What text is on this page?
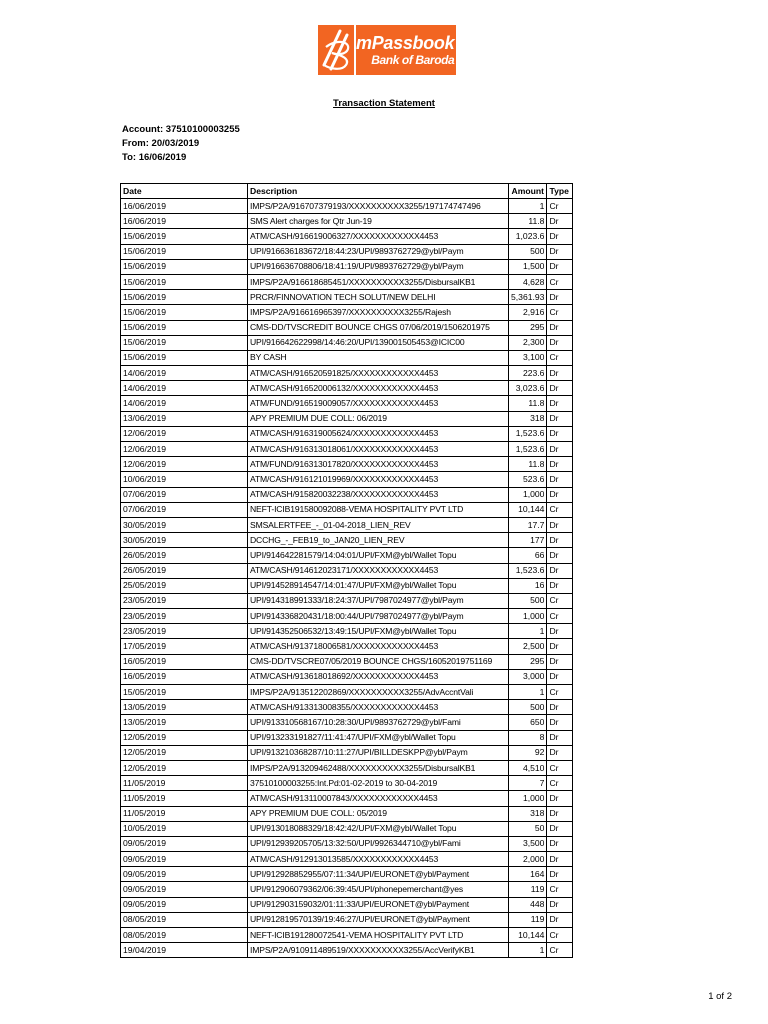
mPassbook
Bank of Baroda
Transaction Statement
Account: 37510100003255
From: 20/03/2019
To: 16/06/2019
Date	Description	Amount	Type
16/06/2019	IMPS/P2A/916707379193/XXXXXXXXXX3255/197174747496	1	Cr
16/06/2019	SMS Alert charges for Qtr Jun-19	11.8	Dr
15/06/2019	ATM/CASH/916619006327/XXXXXXXXXXXX4453	1,023.6	Dr
15/06/2019	UPI/916636183672/18:44:23/UPI/9893762729@ybl/Paym	500	Dr
15/06/2019	UPI/916636708806/18:41:19/UPI/9893762729@ybl/Paym	1,500	Dr
15/06/2019	IMPS/P2A/916618685451/XXXXXXXXXX3255/DisbursalKB1	4,628	Cr
15/06/2019	PRCR/FINNOVATION TECH SOLUT/NEW DELHI	5,361.93	Dr
15/06/2019	IMPS/P2A/916616965397/XXXXXXXXXX3255/Rajesh	2,916	Cr
15/06/2019	CMS-DD/TVSCREDIT BOUNCE CHGS 07/06/2019/1506201975	295	Dr
15/06/2019	UPI/916642622998/14:46:20/UPI/139001505453@ICIC00	2,300	Dr
15/06/2019	BY CASH	3,100	Cr
14/06/2019	ATM/CASH/916520591825/XXXXXXXXXXXX4453	223.6	Dr
14/06/2019	ATM/CASH/916520006132/XXXXXXXXXXXX4453	3,023.6	Dr
14/06/2019	ATM/FUND/916519009057/XXXXXXXXXXXX4453	11.8	Dr
13/06/2019	APY PREMIUM DUE COLL: 06/2019	318	Dr
12/06/2019	ATM/CASH/916319005624/XXXXXXXXXXXX4453	1,523.6	Dr
12/06/2019	ATM/CASH/916313018061/XXXXXXXXXXXX4453	1,523.6	Dr
12/06/2019	ATM/FUND/916313017820/XXXXXXXXXXXX4453	11.8	Dr
10/06/2019	ATM/CASH/916121019969/XXXXXXXXXXXX4453	523.6	Dr
07/06/2019	ATM/CASH/915820032238/XXXXXXXXXXXX4453	1,000	Dr
07/06/2019	NEFT-ICIB191580092088-VEMA HOSPITALITY PVT LTD	10,144	Cr
30/05/2019	SMSALERTFEE_-_01-04-2018_LIEN_REV	17.7	Dr
30/05/2019	DCCHG_-_FEB19_to_JAN20_LIEN_REV	177	Dr
26/05/2019	UPI/914642281579/14:04:01/UPI/FXM@ybl/Wallet Topu	66	Dr
26/05/2019	ATM/CASH/914612023171/XXXXXXXXXXXX4453	1,523.6	Dr
25/05/2019	UPI/914528914547/14:01:47/UPI/FXM@ybl/Wallet Topu	16	Dr
23/05/2019	UPI/914318991333/18:24:37/UPI/7987024977@ybl/Paym	500	Cr
23/05/2019	UPI/914336820431/18:00:44/UPI/7987024977@ybl/Paym	1,000	Cr
23/05/2019	UPI/914352506532/13:49:15/UPI/FXM@ybl/Wallet Topu	1	Dr
17/05/2019	ATM/CASH/913718006581/XXXXXXXXXXXX4453	2,500	Dr
16/05/2019	CMS-DD/TVSCRE07/05/2019 BOUNCE CHGS/16052019751169	295	Dr
16/05/2019	ATM/CASH/913618018692/XXXXXXXXXXXX4453	3,000	Dr
15/05/2019	IMPS/P2A/913512202869/XXXXXXXXXX3255/AdvAccntVali	1	Cr
13/05/2019	ATM/CASH/913313008355/XXXXXXXXXXXX4453	500	Dr
13/05/2019	UPI/913310568167/10:28:30/UPI/9893762729@ybl/Fami	650	Dr
12/05/2019	UPI/913233191827/11:41:47/UPI/FXM@ybl/Wallet Topu	8	Dr
12/05/2019	UPI/913210368287/10:11:27/UPI/BILLDESKPP@ybl/Paym	92	Dr
12/05/2019	IMPS/P2A/913209462488/XXXXXXXXXX3255/DisbursalKB1	4,510	Cr
11/05/2019	37510100003255:Int.Pd:01-02-2019 to 30-04-2019	7	Cr
11/05/2019	ATM/CASH/913110007843/XXXXXXXXXXXX4453	1,000	Dr
11/05/2019	APY PREMIUM DUE COLL: 05/2019	318	Dr
10/05/2019	UPI/913018088329/18:42:42/UPI/FXM@ybl/Wallet Topu	50	Dr
09/05/2019	UPI/912939205705/13:32:50/UPI/9926344710@ybl/Fami	3,500	Dr
09/05/2019	ATM/CASH/912913013585/XXXXXXXXXXXX4453	2,000	Dr
09/05/2019	UPI/912928852955/07:11:34/UPI/EURONET@ybl/Payment	164	Dr
09/05/2019	UPI/912906079362/06:39:45/UPI/phonepemerchant@yes	119	Cr
09/05/2019	UPI/912903159032/01:11:33/UPI/EURONET@ybl/Payment	448	Dr
08/05/2019	UPI/912819570139/19:46:27/UPI/EURONET@ybl/Payment	119	Dr
08/05/2019	NEFT-ICIB191280072541-VEMA HOSPITALITY PVT LTD	10,144	Cr
19/04/2019	IMPS/P2A/910911489519/XXXXXXXXXX3255/AccVerifyKB1	1	Cr
1 of 2
